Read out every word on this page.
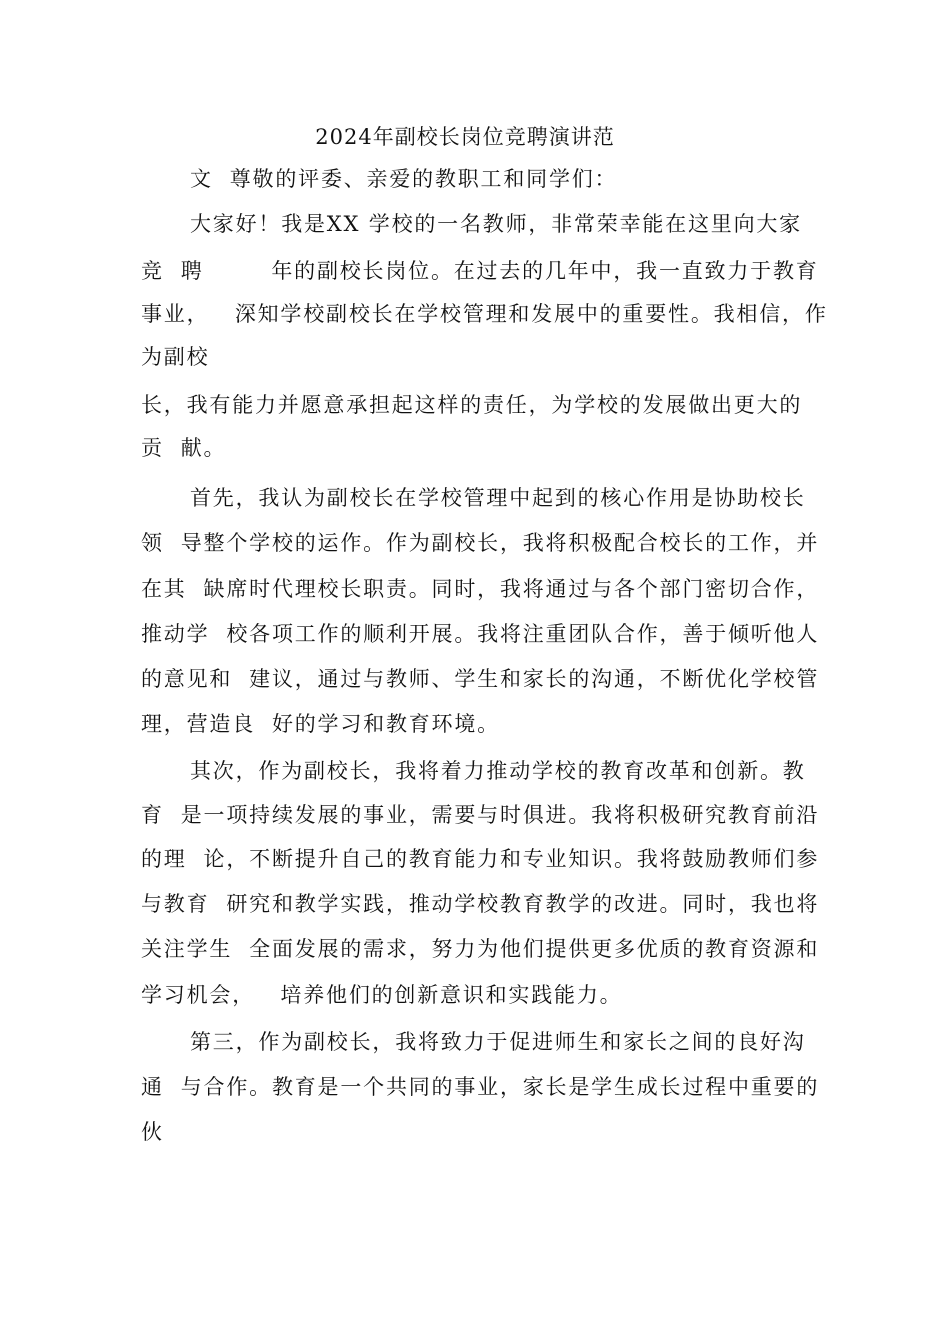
2024年副校长岗位竞聘演讲范
文  尊敬的评委、亲爱的教职工和同学们：
大家好！我是XX 学校的一名教师，非常荣幸能在这里向大家
竞  聘        年的副校长岗位。在过去的几年中，我一直致力于教育
事业，   深知学校副校长在学校管理和发展中的重要性。我相信，作
为副校
长，我有能力并愿意承担起这样的责任，为学校的发展做出更大的
贡  献。
首先，我认为副校长在学校管理中起到的核心作用是协助校长
领  导整个学校的运作。作为副校长，我将积极配合校长的工作，并
在其  缺席时代理校长职责。同时，我将通过与各个部门密切合作，
推动学  校各项工作的顺利开展。我将注重团队合作，善于倾听他人
的意见和  建议，通过与教师、学生和家长的沟通，不断优化学校管
理，营造良  好的学习和教育环境。
其次，作为副校长，我将着力推动学校的教育改革和创新。教
育  是一项持续发展的事业，需要与时俱进。我将积极研究教育前沿
的理  论，不断提升自己的教育能力和专业知识。我将鼓励教师们参
与教育  研究和教学实践，推动学校教育教学的改进。同时，我也将
关注学生  全面发展的需求，努力为他们提供更多优质的教育资源和
学习机会，   培养他们的创新意识和实践能力。
第三，作为副校长，我将致力于促进师生和家长之间的良好沟
通  与合作。教育是一个共同的事业，家长是学生成长过程中重要的
伙
